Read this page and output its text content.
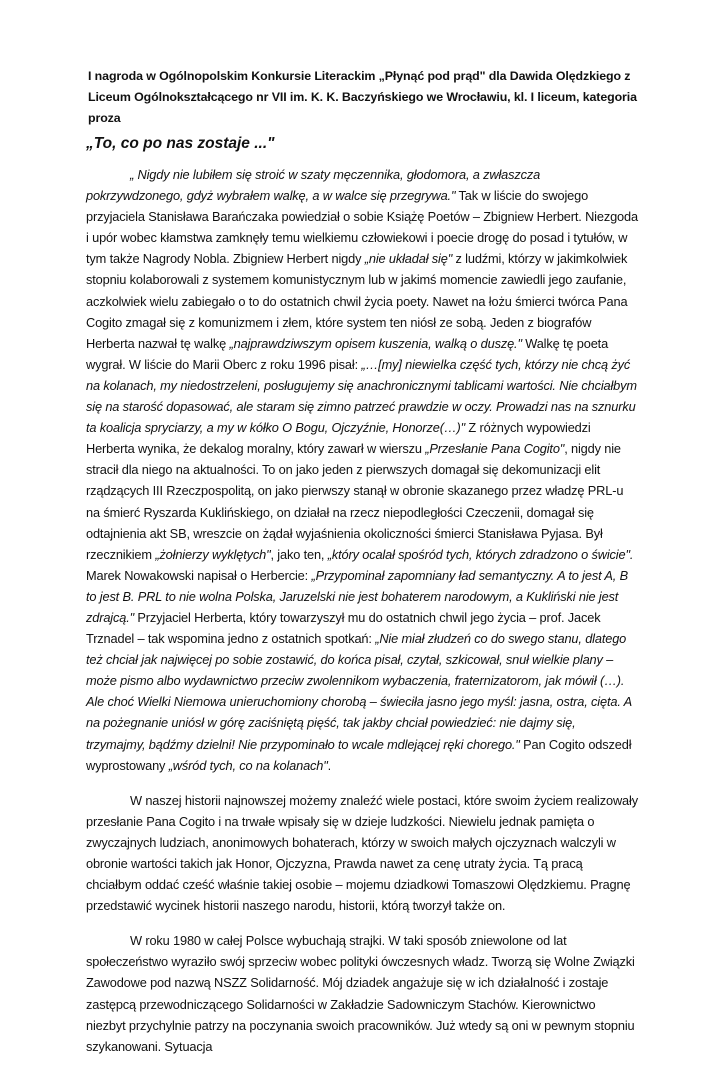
I nagroda w Ogólnopolskim Konkursie Literackim „Płynąć pod prąd" dla Dawida Olędzkiego z Liceum Ogólnokształcącego nr VII im. K. K. Baczyńskiego we Wrocławiu, kl. I liceum, kategoria proza
„To, co po nas zostaje ..."

„ Nigdy nie lubiłem się stroić w szaty męczennika, głodomora, a zwłaszcza pokrzywdzonego, gdyż wybrałem walkę, a w walce się przegrywa." Tak w liście do swojego przyjaciela Stanisława Barańczaka powiedział o sobie Książę Poetów – Zbigniew Herbert. Niezgoda i upór wobec kłamstwa zamknęły temu wielkiemu człowiekowi i poecie drogę do posad i tytułów, w tym także Nagrody Nobla. Zbigniew Herbert nigdy „nie układał się" z ludźmi, którzy w jakimkolwiek stopniu kolaborowali z systemem komunistycznym lub w jakimś momencie zawiedli jego zaufanie, aczkolwiek wielu zabiegało o to do ostatnich chwil życia poety. Nawet na łożu śmierci twórca Pana Cogito zmagał się z komunizmem i złem, które system ten niósł ze sobą. Jeden z biografów Herberta nazwał tę walkę „najprawdziwszym opisem kuszenia, walką o duszę." Walkę tę poeta wygrał. W liście do Marii Oberc z roku 1996 pisał: „…[my] niewielka część tych, którzy nie chcą żyć na kolanach, my niedostrzeleni, posługujemy się anachronicznymi tablicami wartości. Nie chciałbym się na starość dopasować, ale staram się zimno patrzeć prawdzie w oczy. Prowadzi nas na sznurku ta koalicja spryciarzy, a my w kółko O Bogu, Ojczyźnie, Honorze(…)" Z różnych wypowiedzi Herberta wynika, że dekalog moralny, który zawarł w wierszu „Przesłanie Pana Cogito", nigdy nie stracił dla niego na aktualności. To on jako jeden z pierwszych domagał się dekomunizacji elit rządzących III Rzeczpospolitą, on jako pierwszy stanął w obronie skazanego przez władzę PRL-u na śmierć Ryszarda Kuklińskiego, on działał na rzecz niepodległości Czeczenii, domagał się odtajnienia akt SB, wreszcie on żądał wyjaśnienia okoliczności śmierci Stanisława Pyjasa. Był rzecznikiem „żołnierzy wyklętych", jako ten, „który ocalał spośród tych, których zdradzono o świcie". Marek Nowakowski napisał o Herbercie: „Przypominał zapomniany ład semantyczny. A to jest A, B to jest B. PRL to nie wolna Polska, Jaruzelski nie jest bohaterem narodowym, a Kukliński nie jest zdrajcą." Przyjaciel Herberta, który towarzyszył mu do ostatnich chwil jego życia – prof. Jacek Trznadel – tak wspomina jedno z ostatnich spotkań: „Nie miał złudzeń co do swego stanu, dlatego też chciał jak najwięcej po sobie zostawić, do końca pisał, czytał, szkicował, snuł wielkie plany – może pismo albo wydawnictwo przeciw zwolennikom wybaczenia, fraternizatorom, jak mówił (…). Ale choć Wielki Niemowa unieruchomiony chorobą – świeciła jasno jego myśl: jasna, ostra, cięta. A na pożegnanie uniósł w górę zaciśniętą pięść, tak jakby chciał powiedzieć: nie dajmy się, trzymajmy, bądźmy dzielni! Nie przypominało to wcale mdlejącej ręki chorego." Pan Cogito odszedł wyprostowany „wśród tych, co na kolanach".

W naszej historii najnowszej możemy znaleźć wiele postaci, które swoim życiem realizowały przesłanie Pana Cogito i na trwałe wpisały się w dzieje ludzkości. Niewielu jednak pamięta o zwyczajnych ludziach, anonimowych bohaterach, którzy w swoich małych ojczyznach walczyli w obronie wartości takich jak Honor, Ojczyzna, Prawda nawet za cenę utraty życia. Tą pracą chciałbym oddać cześć właśnie takiej osobie – mojemu dziadkowi Tomaszowi Olędzkiemu. Pragnę przedstawić wycinek historii naszego narodu, historii, którą tworzył także on.

W roku 1980 w całej Polsce wybuchają strajki. W taki sposób zniewolone od lat społeczeństwo wyraziło swój sprzeciw wobec polityki ówczesnych władz. Tworzą się Wolne Związki Zawodowe pod nazwą NSZZ Solidarność. Mój dziadek angażuje się w ich działalność i zostaje zastępcą przewodniczącego Solidarności w Zakładzie Sadowniczym Stachów. Kierownictwo niezbyt przychylnie patrzy na poczynania swoich pracowników. Już wtedy są oni w pewnym stopniu szykanowani. Sytuacja
